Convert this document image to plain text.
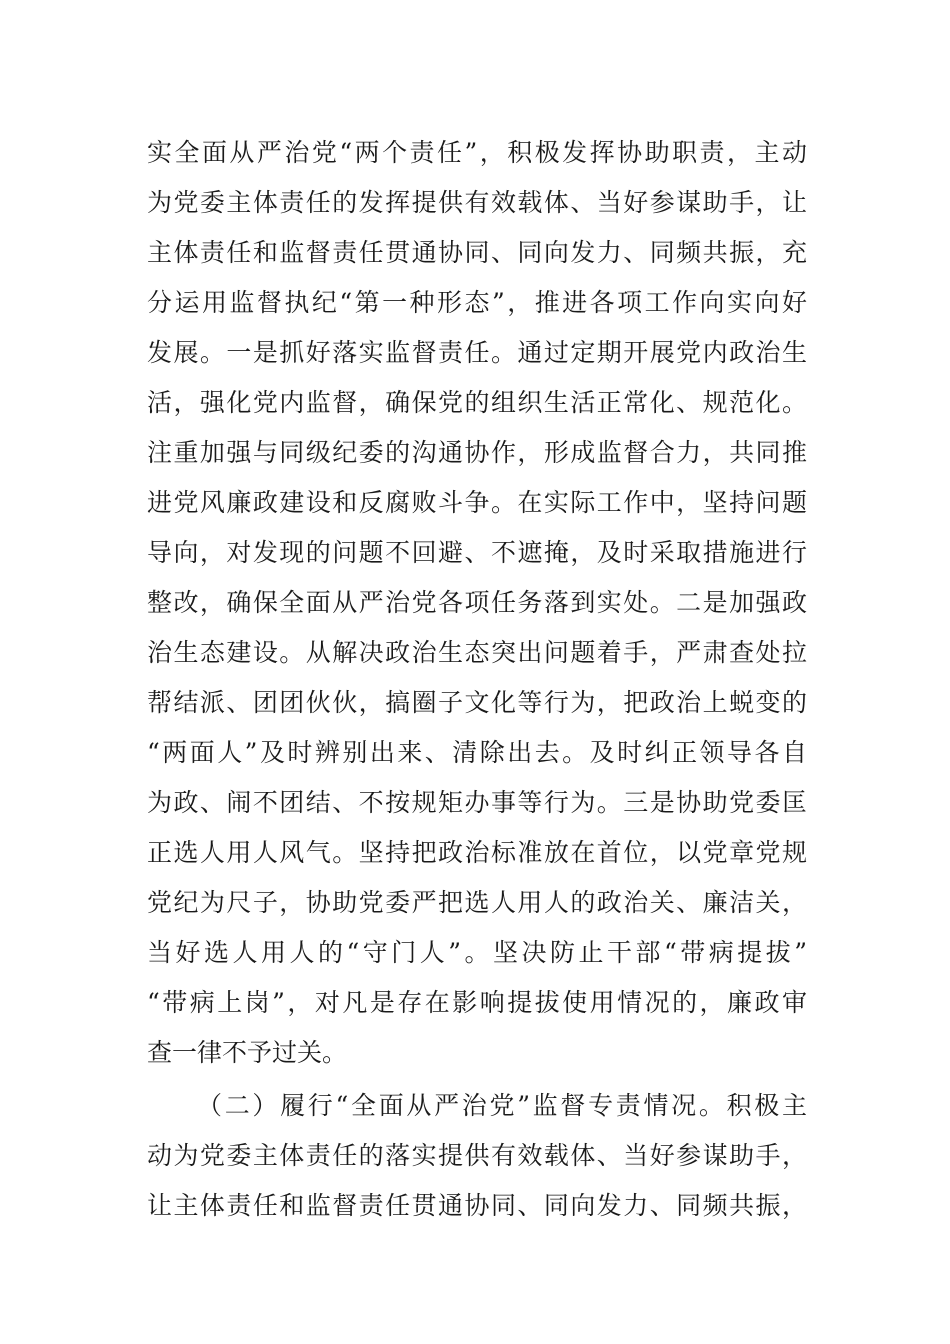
实全面从严治党“两个责任”，积极发挥协助职责，主动
为党委主体责任的发挥提供有效载体、当好参谋助手，让
主体责任和监督责任贯通协同、同向发力、同频共振，充
分运用监督执纪“第一种形态”，推进各项工作向实向好
发展。一是抓好落实监督责任。通过定期开展党内政治生
活，强化党内监督，确保党的组织生活正常化、规范化。
注重加强与同级纪委的沟通协作，形成监督合力，共同推
进党风廉政建设和反腐败斗争。在实际工作中，坚持问题
导向，对发现的问题不回避、不遮掩，及时采取措施进行
整改，确保全面从严治党各项任务落到实处。二是加强政
治生态建设。从解决政治生态突出问题着手，严肃查处拉
帮结派、团团伙伙，搞圈子文化等行为，把政治上蜕变的
“两面人”及时辨别出来、清除出去。及时纠正领导各自
为政、闹不团结、不按规矩办事等行为。三是协助党委匡
正选人用人风气。坚持把政治标准放在首位，以党章党规
党纪为尺子，协助党委严把选人用人的政治关、廉洁关，
当好选人用人的“守门人”。坚决防止干部“带病提拔”
“带病上岗”，对凡是存在影响提拔使用情况的，廉政审
查一律不予过关。
（二）履行“全面从严治党”监督专责情况。积极主
动为党委主体责任的落实提供有效载体、当好参谋助手，
让主体责任和监督责任贯通协同、同向发力、同频共振，
